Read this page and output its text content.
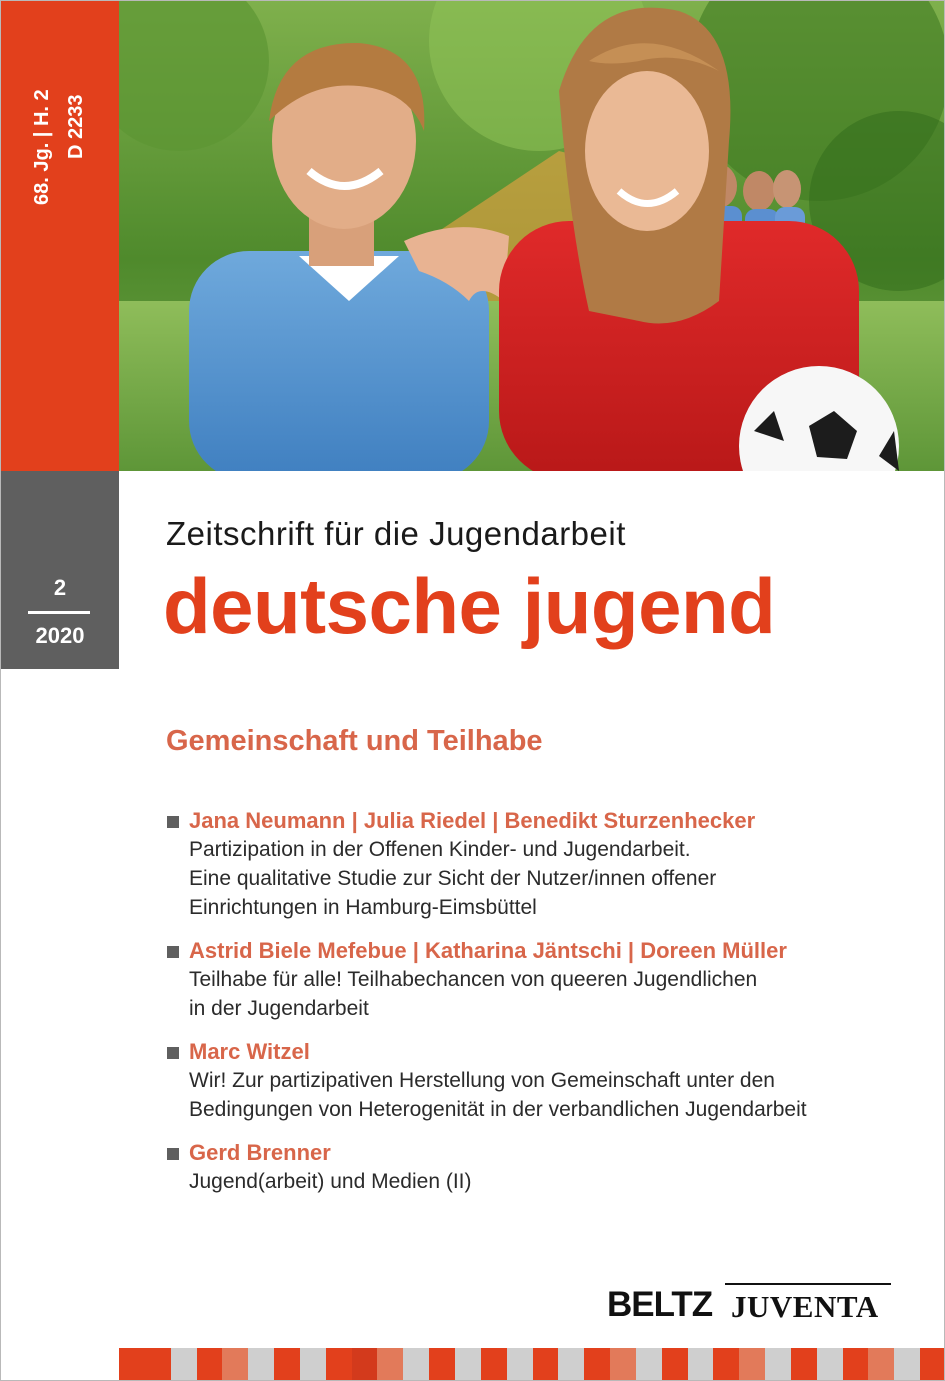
68. Jg. | H. 2 D 2233
2
2020
Zeitschrift für die Jugendarbeit
deutsche jugend
Gemeinschaft und Teilhabe
Jana Neumann | Julia Riedel | Benedikt Sturzenhecker
Partizipation in der Offenen Kinder- und Jugendarbeit.
Eine qualitative Studie zur Sicht der Nutzer/innen offener
Einrichtungen in Hamburg-Eimsbüttel
Astrid Biele Mefebue | Katharina Jäntschi | Doreen Müller
Teilhabe für alle! Teilhabechancen von queeren Jugendlichen
in der Jugendarbeit
Marc Witzel
Wir! Zur partizipativen Herstellung von Gemeinschaft unter den
Bedingungen von Heterogenität in der verbandlichen Jugendarbeit
Gerd Brenner
Jugend(arbeit) und Medien (II)
BELTZ JUVENTA
